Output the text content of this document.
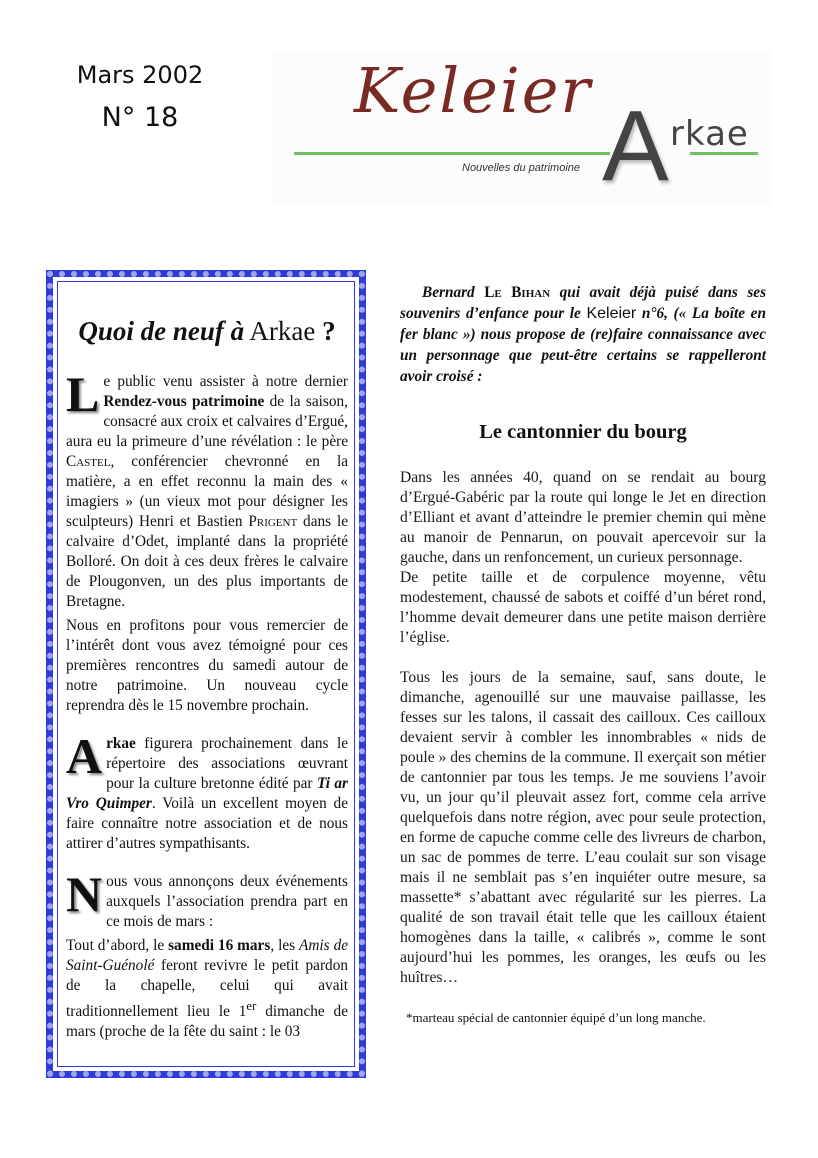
Mars 2002
N° 18	Keleier
Nouvelles du patrimoine A rkae
Quoi de neuf à Arkae ?

Le public venu assister à notre dernier Rendez-vous patrimoine de la saison, consacré aux croix et calvaires d’Ergué, aura eu la primeure d’une révélation : le père Castel, conférencier chevronné en la matière, a en effet reconnu la main des « imagiers » (un vieux mot pour désigner les sculpteurs) Henri et Bastien Prigent dans le calvaire d’Odet, implanté dans la propriété Bolloré. On doit à ces deux frères le calvaire de Plougonven, un des plus importants de Bretagne.

Nous en profitons pour vous remercier de l’intérêt dont vous avez témoigné pour ces premières rencontres du samedi autour de notre patrimoine. Un nouveau cycle reprendra dès le 15 novembre prochain.

Arkae figurera prochainement dans le répertoire des associations œuvrant pour la culture bretonne édité par Ti ar Vro Quimper. Voilà un excellent moyen de faire connaître notre association et de nous attirer d’autres sympathisants.

Nous vous annonçons deux événements auxquels l’association prendra part en ce mois de mars :

Tout d’abord, le samedi 16 mars, les Amis de Saint-Guénolé feront revivre le petit pardon de la chapelle, celui qui avait traditionnellement lieu le 1er dimanche de mars (proche de la fête du saint : le 03

Bernard Le Bihan qui avait déjà puisé dans ses souvenirs d’enfance pour le Keleier n°6, (« La boîte en fer blanc ») nous propose de (re)faire connaissance avec un personnage que peut-être certains se rappelleront avoir croisé :

Le cantonnier du bourg

Dans les années 40, quand on se rendait au bourg d’Ergué-Gabéric par la route qui longe le Jet en direction d’Elliant et avant d’atteindre le premier chemin qui mène au manoir de Pennarun, on pouvait apercevoir sur la gauche, dans un renfoncement, un curieux personnage.

De petite taille et de corpulence moyenne, vêtu modestement, chaussé de sabots et coiffé d’un béret rond, l’homme devait demeurer dans une petite maison derrière l’église.

Tous les jours de la semaine, sauf, sans doute, le dimanche, agenouillé sur une mauvaise paillasse, les fesses sur les talons, il cassait des cailloux. Ces cailloux devaient servir à combler les innombrables « nids de poule » des chemins de la commune. Il exerçait son métier de cantonnier par tous les temps. Je me souviens l’avoir vu, un jour qu’il pleuvait assez fort, comme cela arrive quelquefois dans notre région, avec pour seule protection, en forme de capuche comme celle des livreurs de charbon, un sac de pommes de terre. L’eau coulait sur son visage mais il ne semblait pas s’en inquiéter outre mesure, sa massette* s’abattant avec régularité sur les pierres. La qualité de son travail était telle que les cailloux étaient homogènes dans la taille, « calibrés », comme le sont aujourd’hui les pommes, les oranges, les œufs ou les huîtres…

*marteau spécial de cantonnier équipé d’un long manche.
